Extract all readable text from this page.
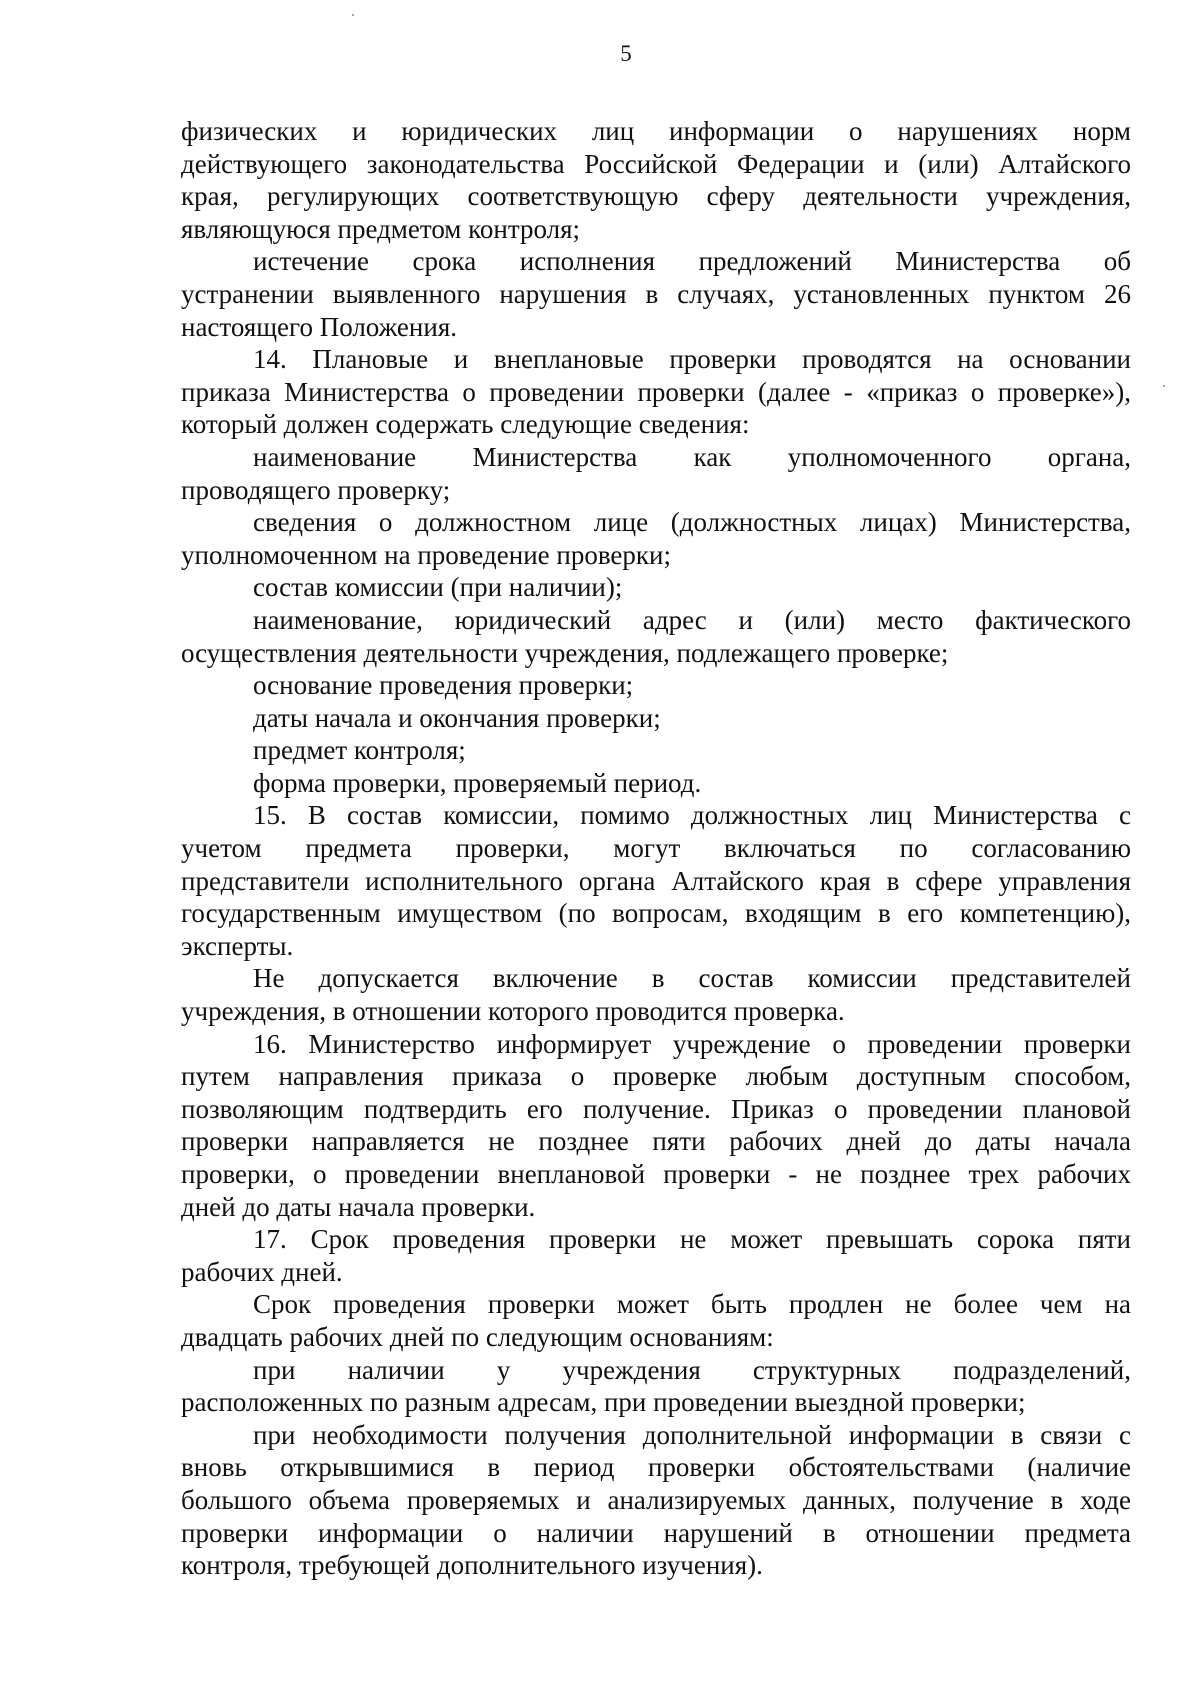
5
физических и юридических лиц информации о нарушениях норм
действующего законодательства Российской Федерации и (или) Алтайского
края, регулирующих соответствующую сферу деятельности учреждения,
являющуюся предметом контроля;
истечение срока исполнения предложений Министерства об
устранении выявленного нарушения в случаях, установленных пунктом 26
настоящего Положения.
14. Плановые и внеплановые проверки проводятся на основании
приказа Министерства о проведении проверки (далее - «приказ о проверке»),
который должен содержать следующие сведения:
наименование Министерства как уполномоченного органа,
проводящего проверку;
сведения о должностном лице (должностных лицах) Министерства,
уполномоченном на проведение проверки;
состав комиссии (при наличии);
наименование, юридический адрес и (или) место фактического
осуществления деятельности учреждения, подлежащего проверке;
основание проведения проверки;
даты начала и окончания проверки;
предмет контроля;
форма проверки, проверяемый период.
15. В состав комиссии, помимо должностных лиц Министерства с
учетом предмета проверки, могут включаться по согласованию
представители исполнительного органа Алтайского края в сфере управления
государственным имуществом (по вопросам, входящим в его компетенцию),
эксперты.
Не допускается включение в состав комиссии представителей
учреждения, в отношении которого проводится проверка.
16. Министерство информирует учреждение о проведении проверки
путем направления приказа о проверке любым доступным способом,
позволяющим подтвердить его получение. Приказ о проведении плановой
проверки направляется не позднее пяти рабочих дней до даты начала
проверки, о проведении внеплановой проверки - не позднее трех рабочих
дней до даты начала проверки.
17. Срок проведения проверки не может превышать сорока пяти
рабочих дней.
Срок проведения проверки может быть продлен не более чем на
двадцать рабочих дней по следующим основаниям:
при наличии у учреждения структурных подразделений,
расположенных по разным адресам, при проведении выездной проверки;
при необходимости получения дополнительной информации в связи с
вновь открывшимися в период проверки обстоятельствами (наличие
большого объема проверяемых и анализируемых данных, получение в ходе
проверки информации о наличии нарушений в отношении предмета
контроля, требующей дополнительного изучения).
